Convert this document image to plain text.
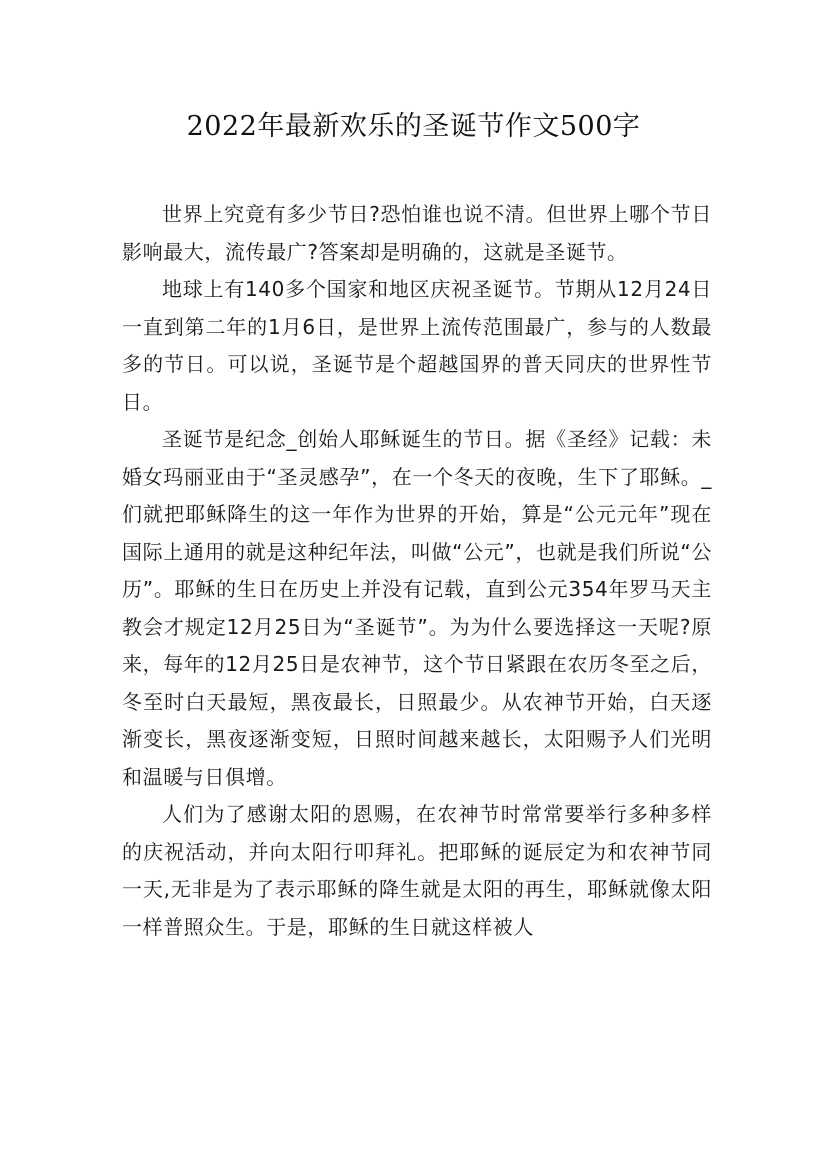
2022年最新欢乐的圣诞节作文500字

世界上究竟有多少节日?恐怕谁也说不清。但世界上哪个节日影响最大，流传最广?答案却是明确的，这就是圣诞节。

地球上有140多个国家和地区庆祝圣诞节。节期从12月24日一直到第二年的1月6日，是世界上流传范围最广，参与的人数最多的节日。可以说，圣诞节是个超越国界的普天同庆的世界性节日。

圣诞节是纪念_创始人耶稣诞生的节日。据《圣经》记载：未婚女玛丽亚由于“圣灵感孕”，在一个冬天的夜晚，生下了耶稣。_们就把耶稣降生的这一年作为世界的开始，算是“公元元年”现在国际上通用的就是这种纪年法，叫做“公元”，也就是我们所说“公历”。耶稣的生日在历史上并没有记载，直到公元354年罗马天主教会才规定12月25日为“圣诞节”。为为什么要选择这一天呢?原来，每年的12月25日是农神节，这个节日紧跟在农历冬至之后，冬至时白天最短，黑夜最长，日照最少。从农神节开始，白天逐渐变长，黑夜逐渐变短，日照时间越来越长，太阳赐予人们光明和温暖与日俱增。

人们为了感谢太阳的恩赐，在农神节时常常要举行多种多样的庆祝活动，并向太阳行叩拜礼。把耶稣的诞辰定为和农神节同一天,无非是为了表示耶稣的降生就是太阳的再生，耶稣就像太阳一样普照众生。于是，耶稣的生日就这样被人
